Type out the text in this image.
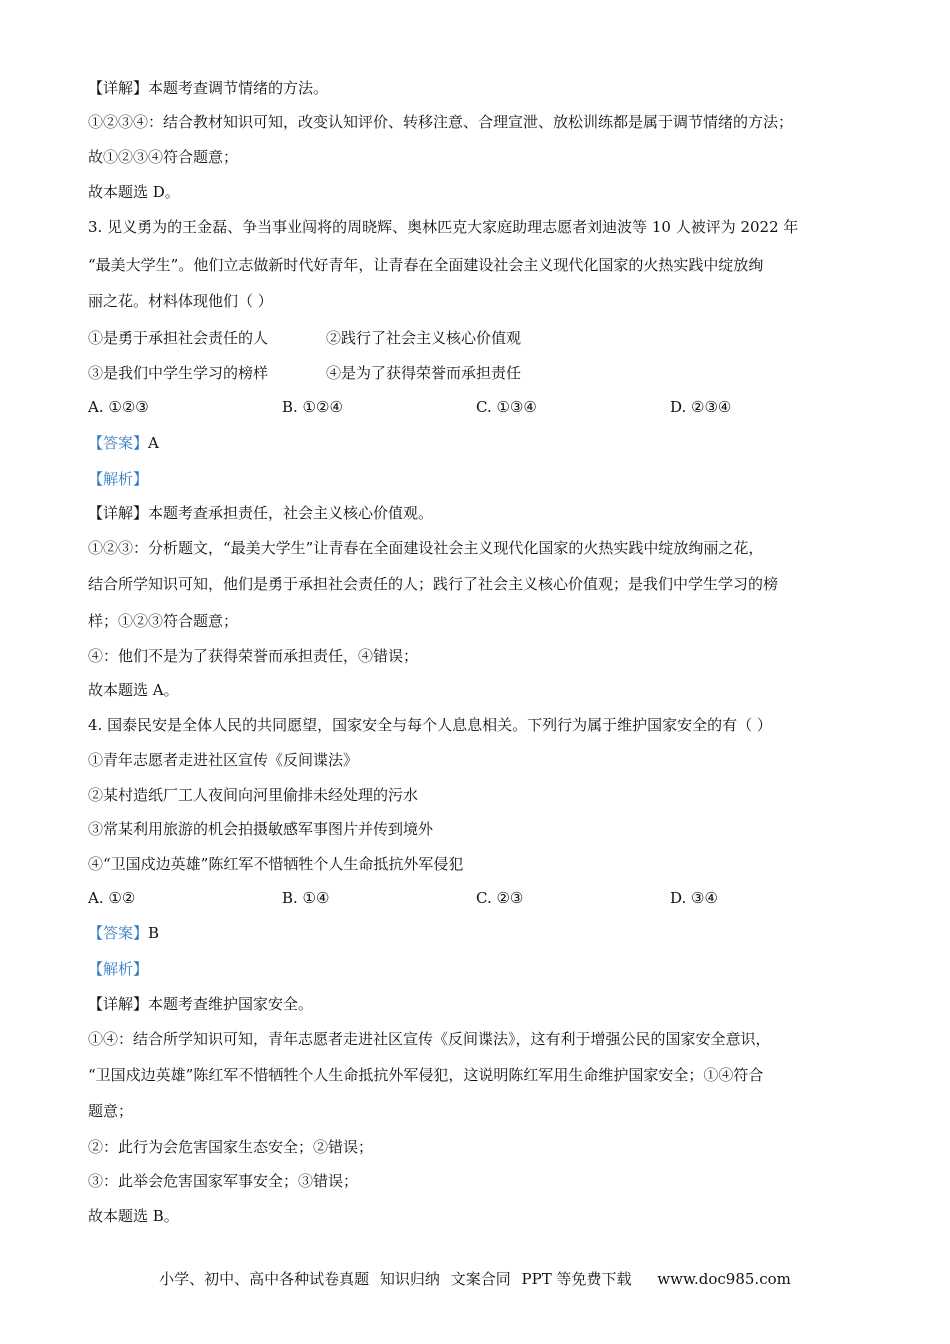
【详解】本题考查调节情绪的方法。
①②③④：结合教材知识可知，改变认知评价、转移注意、合理宣泄、放松训练都是属于调节情绪的方法；
故①②③④符合题意；
故本题选 D。
3. 见义勇为的王金磊、争当事业闯将的周晓辉、奥林匹克大家庭助理志愿者刘迪波等 10 人被评为 2022 年
“最美大学生”。他们立志做新时代好青年，让青春在全面建设社会主义现代化国家的火热实践中绽放绚
丽之花。材料体现他们（ ）
①是勇于承担社会责任的人	②践行了社会主义核心价值观
③是我们中学生学习的榜样	④是为了获得荣誉而承担责任
A. ①②③	B. ①②④	C. ①③④	D. ②③④
【答案】A
【解析】
【详解】本题考查承担责任，社会主义核心价值观。
①②③：分析题文，“最美大学生”让青春在全面建设社会主义现代化国家的火热实践中绽放绚丽之花，
结合所学知识可知，他们是勇于承担社会责任的人；践行了社会主义核心价值观；是我们中学生学习的榜
样；①②③符合题意；
④：他们不是为了获得荣誉而承担责任，④错误；
故本题选 A。
4. 国泰民安是全体人民的共同愿望，国家安全与每个人息息相关。下列行为属于维护国家安全的有（ ）
①青年志愿者走进社区宣传《反间谍法》
②某村造纸厂工人夜间向河里偷排未经处理的污水
③常某利用旅游的机会拍摄敏感军事图片并传到境外
④“卫国戍边英雄”陈红军不惜牺牲个人生命抵抗外军侵犯
A. ①②	B. ①④	C. ②③	D. ③④
【答案】B
【解析】
【详解】本题考查维护国家安全。
①④：结合所学知识可知，青年志愿者走进社区宣传《反间谍法》，这有利于增强公民的国家安全意识，
“卫国戍边英雄”陈红军不惜牺牲个人生命抵抗外军侵犯，这说明陈红军用生命维护国家安全；①④符合
题意；
②：此行为会危害国家生态安全；②错误；
③：此举会危害国家军事安全；③错误；
故本题选 B。
小学、初中、高中各种试卷真题 知识归纳 文案合同 PPT 等免费下载 www.doc985.com
